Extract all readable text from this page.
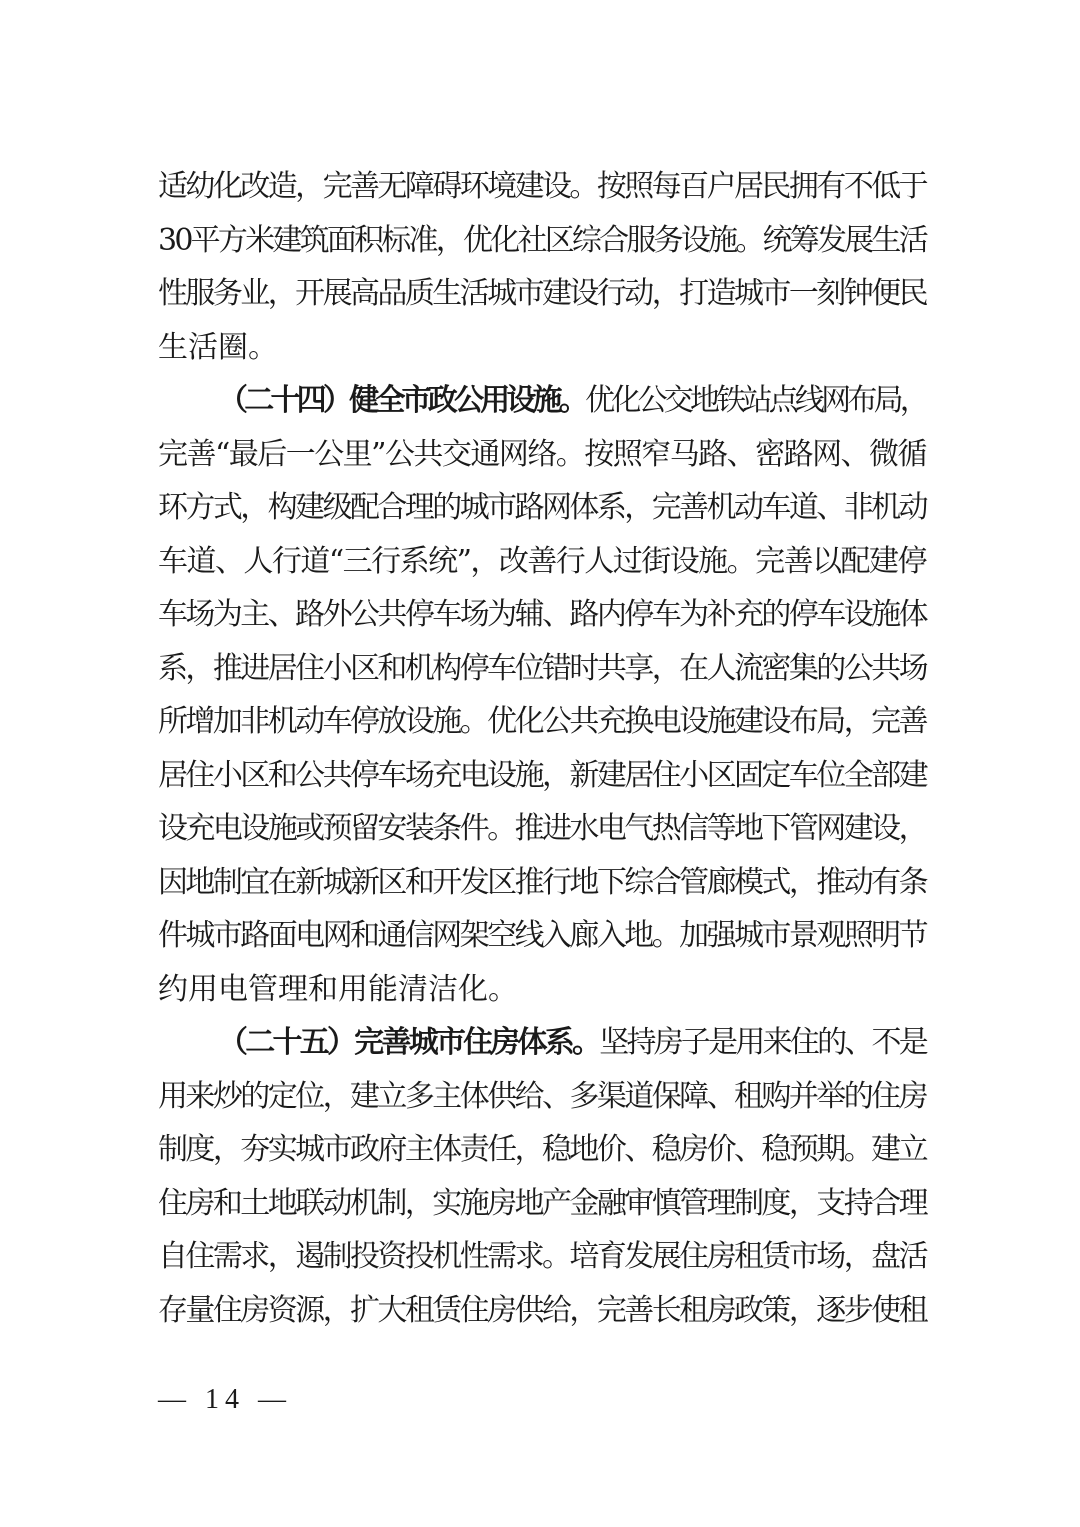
适幼化改造，完善无障碍环境建设。按照每百户居民拥有不低于
30平方米建筑面积标准，优化社区综合服务设施。统筹发展生活
性服务业，开展高品质生活城市建设行动，打造城市一刻钟便民
生活圈。
（二十四）健全市政公用设施。优化公交地铁站点线网布局，
完善“最后一公里”公共交通网络。按照窄马路、密路网、微循
环方式，构建级配合理的城市路网体系，完善机动车道、非机动
车道、人行道“三行系统”，改善行人过街设施。完善以配建停
车场为主、路外公共停车场为辅、路内停车为补充的停车设施体
系，推进居住小区和机构停车位错时共享，在人流密集的公共场
所增加非机动车停放设施。优化公共充换电设施建设布局，完善
居住小区和公共停车场充电设施，新建居住小区固定车位全部建
设充电设施或预留安装条件。推进水电气热信等地下管网建设，
因地制宜在新城新区和开发区推行地下综合管廊模式，推动有条
件城市路面电网和通信网架空线入廊入地。加强城市景观照明节
约用电管理和用能清洁化。
（二十五）完善城市住房体系。坚持房子是用来住的、不是
用来炒的定位，建立多主体供给、多渠道保障、租购并举的住房
制度，夯实城市政府主体责任，稳地价、稳房价、稳预期。建立
住房和土地联动机制，实施房地产金融审慎管理制度，支持合理
自住需求，遏制投资投机性需求。培育发展住房租赁市场，盘活
存量住房资源，扩大租赁住房供给，完善长租房政策，逐步使租
— 14 —
